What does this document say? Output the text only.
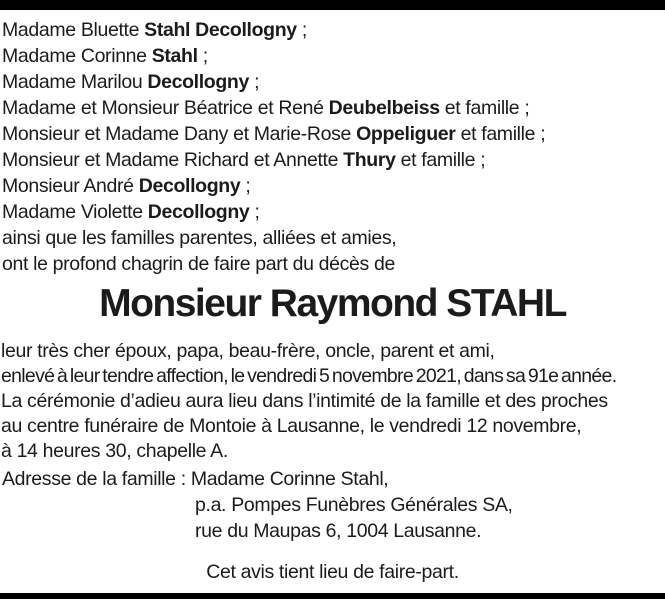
Madame Bluette Stahl Decollogny ;
Madame Corinne Stahl ;
Madame Marilou Decollogny ;
Madame et Monsieur Béatrice et René Deubelbeiss et famille ;
Monsieur et Madame Dany et Marie-Rose Oppeliguer et famille ;
Monsieur et Madame Richard et Annette Thury et famille ;
Monsieur André Decollogny ;
Madame Violette Decollogny ;
ainsi que les familles parentes, alliées et amies,
ont le profond chagrin de faire part du décès de
Monsieur Raymond STAHL
leur très cher époux, papa, beau-frère, oncle, parent et ami,
enlevé à leur tendre affection, le vendredi 5 novembre 2021, dans sa 91e année.
La cérémonie d’adieu aura lieu dans l’intimité de la famille et des proches
au centre funéraire de Montoie à Lausanne, le vendredi 12 novembre,
à 14 heures 30, chapelle A.
Adresse de la famille : Madame Corinne Stahl,
p.a. Pompes Funèbres Générales SA,
rue du Maupas 6, 1004 Lausanne.
Cet avis tient lieu de faire-part.
